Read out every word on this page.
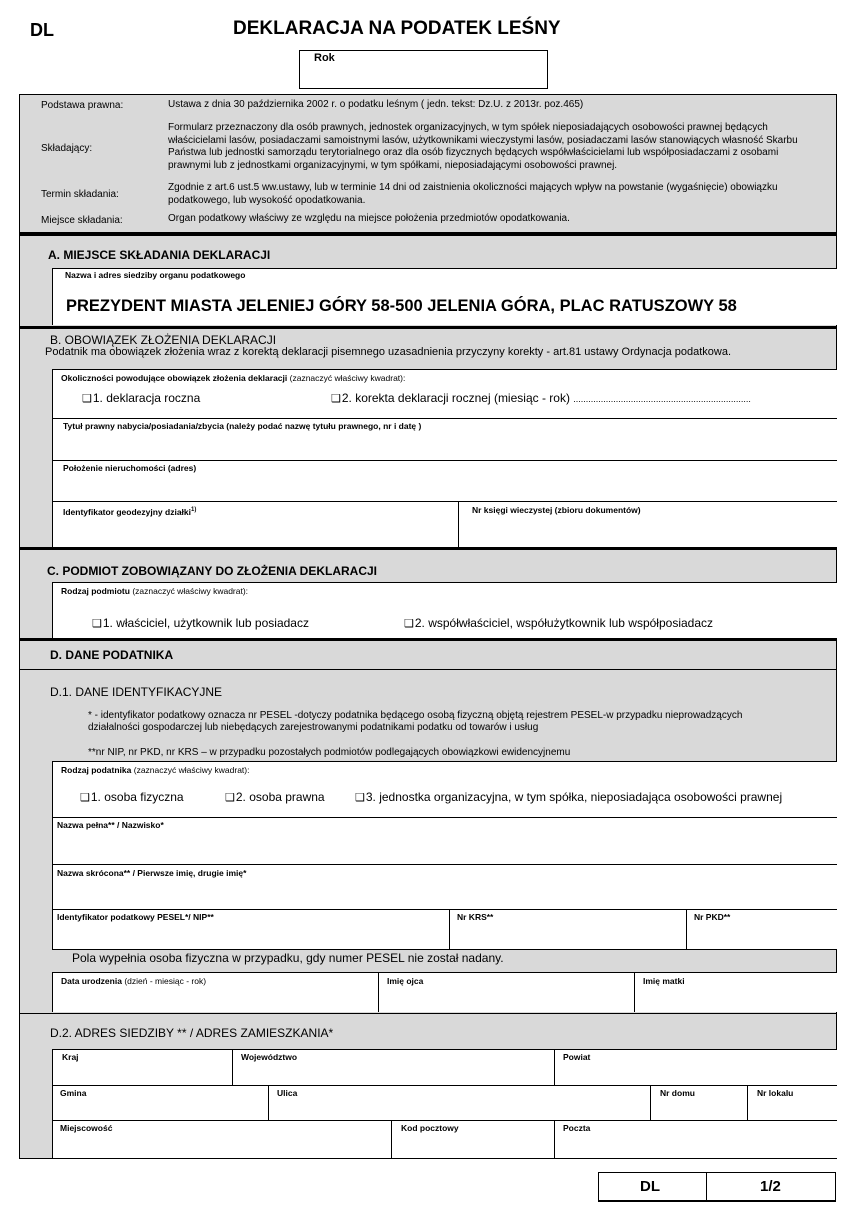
DL	DEKLARACJA NA PODATEK LEŚNY
Rok
Podstawa prawna:	Ustawa z dnia 30 października 2002 r. o podatku leśnym ( jedn. tekst: Dz.U. z 2013r. poz.465)
Składający:
Formularz przeznaczony dla osób prawnych, jednostek organizacyjnych, w tym spółek nieposiadających osobowości prawnej będących właścicielami lasów, posiadaczami samoistnymi lasów, użytkownikami wieczystymi lasów, posiadaczami lasów stanowiących własność Skarbu Państwa lub jednostki samorządu terytorialnego oraz dla osób fizycznych będących współwłaścicielami lub współposiadaczami z osobami prawnymi lub z jednostkami organizacyjnymi, w tym spółkami, nieposiadającymi osobowości prawnej.
Termin składania:
Zgodnie z art.6 ust.5 ww.ustawy, lub w terminie 14 dni od zaistnienia okoliczności mających wpływ na powstanie (wygaśnięcie) obowiązku podatkowego, lub wysokość opodatkowania.
Miejsce składania:	Organ podatkowy właściwy ze względu na miejsce położenia przedmiotów opodatkowania.
A. MIEJSCE SKŁADANIA DEKLARACJI
Nazwa i adres siedziby organu podatkowego
PREZYDENT MIASTA JELENIEJ GÓRY 58-500 JELENIA GÓRA, PLAC RATUSZOWY 58
B. OBOWIĄZEK ZŁOŻENIA DEKLARACJI
Podatnik ma obowiązek złożenia wraz z korektą deklaracji pisemnego uzasadnienia przyczyny korekty - art.81 ustawy Ordynacja podatkowa.
Okoliczności powodujące obowiązek złożenia deklaracji (zaznaczyć właściwy kwadrat):
❑ 1. deklaracja roczna	❑ 2. korekta deklaracji rocznej (miesiąc - rok) .......................................................................
Tytuł prawny nabycia/posiadania/zbycia (należy podać nazwę tytułu prawnego, nr i datę )
Położenie nieruchomości (adres)
Identyfikator geodezyjny działki$^{1)}$	Nr księgi wieczystej (zbioru dokumentów)
C. PODMIOT ZOBOWIĄZANY DO ZŁOŻENIA DEKLARACJI
Rodzaj podmiotu (zaznaczyć właściwy kwadrat):
❑ 1. właściciel, użytkownik lub posiadacz	❑ 2. współwłaściciel, współużytkownik lub współposiadacz
D. DANE PODATNIKA
D.1. DANE IDENTYFIKACYJNE
* - identyfikator podatkowy oznacza nr PESEL -dotyczy podatnika będącego osobą fizyczną objętą rejestrem PESEL-w przypadku nieprowadzących działalności gospodarczej lub niebędących zarejestrowanymi podatnikami podatku od towarów i usług
**nr NIP, nr PKD, nr KRS – w przypadku pozostałych podmiotów podlegających obowiązkowi ewidencyjnemu
Rodzaj podatnika (zaznaczyć właściwy kwadrat):
❑ 1. osoba fizyczna	❑ 2. osoba prawna	❑ 3. jednostka organizacyjna, w tym spółka, nieposiadająca osobowości prawnej
Nazwa pełna** / Nazwisko*
Nazwa skrócona** / Pierwsze imię, drugie imię*
Identyfikator podatkowy PESEL*/ NIP**	Nr KRS**	Nr PKD**
Pola wypełnia osoba fizyczna w przypadku, gdy numer PESEL nie został nadany.
Data urodzenia (dzień - miesiąc - rok)	Imię ojca	Imię matki
D.2. ADRES SIEDZIBY ** / ADRES ZAMIESZKANIA*
Kraj	Województwo	Powiat
Gmina	Ulica	Nr domu	Nr lokalu
Miejscowość	Kod pocztowy	Poczta
DL	1/2
